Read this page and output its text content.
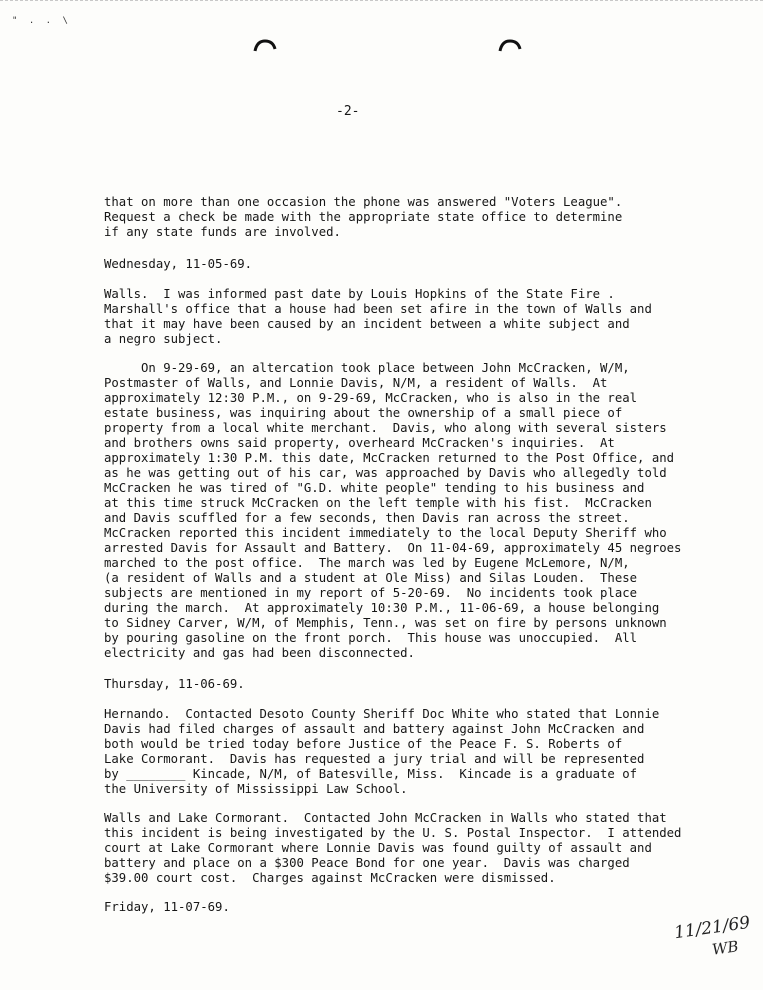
" . . \
-2-
that on more than one occasion the phone was answered "Voters League".
Request a check be made with the appropriate state office to determine
if any state funds are involved.
Wednesday, 11-05-69.
Walls.  I was informed past date by Louis Hopkins of the State Fire .
Marshall's office that a house had been set afire in the town of Walls and
that it may have been caused by an incident between a white subject and
a negro subject.
On 9-29-69, an altercation took place between John McCracken, W/M,
Postmaster of Walls, and Lonnie Davis, N/M, a resident of Walls.  At
approximately 12:30 P.M., on 9-29-69, McCracken, who is also in the real
estate business, was inquiring about the ownership of a small piece of
property from a local white merchant.  Davis, who along with several sisters
and brothers owns said property, overheard McCracken's inquiries.  At
approximately 1:30 P.M. this date, McCracken returned to the Post Office, and
as he was getting out of his car, was approached by Davis who allegedly told
McCracken he was tired of "G.D. white people" tending to his business and
at this time struck McCracken on the left temple with his fist.  McCracken
and Davis scuffled for a few seconds, then Davis ran across the street.
McCracken reported this incident immediately to the local Deputy Sheriff who
arrested Davis for Assault and Battery.  On 11-04-69, approximately 45 negroes
marched to the post office.  The march was led by Eugene McLemore, N/M,
(a resident of Walls and a student at Ole Miss) and Silas Louden.  These
subjects are mentioned in my report of 5-20-69.  No incidents took place
during the march.  At approximately 10:30 P.M., 11-06-69, a house belonging
to Sidney Carver, W/M, of Memphis, Tenn., was set on fire by persons unknown
by pouring gasoline on the front porch.  This house was unoccupied.  All
electricity and gas had been disconnected.
Thursday, 11-06-69.
Hernando.  Contacted Desoto County Sheriff Doc White who stated that Lonnie
Davis had filed charges of assault and battery against John McCracken and
both would be tried today before Justice of the Peace F. S. Roberts of
Lake Cormorant.  Davis has requested a jury trial and will be represented
by ________ Kincade, N/M, of Batesville, Miss.  Kincade is a graduate of
the University of Mississippi Law School.
Walls and Lake Cormorant.  Contacted John McCracken in Walls who stated that
this incident is being investigated by the U. S. Postal Inspector.  I attended
court at Lake Cormorant where Lonnie Davis was found guilty of assault and
battery and place on a $300 Peace Bond for one year.  Davis was charged
$39.00 court cost.  Charges against McCracken were dismissed.
Friday, 11-07-69.
11/21/69
WB
